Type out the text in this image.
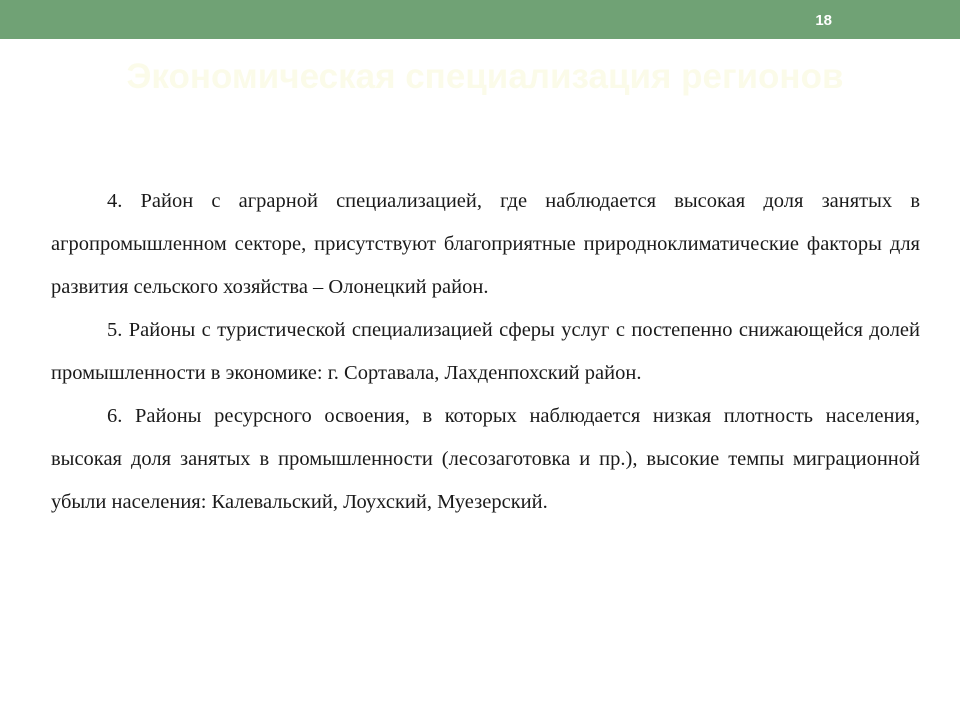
18
Экономическая специализация регионов

4. Район с аграрной специализацией, где наблюдается высокая доля занятых в агропромышленном секторе, присутствуют благоприятные природноклиматические факторы для развития сельского хозяйства – Олонецкий район.

5. Районы с туристической специализацией сферы услуг с постепенно снижающейся долей промышленности в экономике: г. Сортавала, Лахденпохский район.

6. Районы ресурсного освоения, в которых наблюдается низкая плотность населения, высокая доля занятых в промышленности (лесозаготовка и пр.), высокие темпы миграционной убыли населения: Калевальский, Лоухский, Муезерский.
